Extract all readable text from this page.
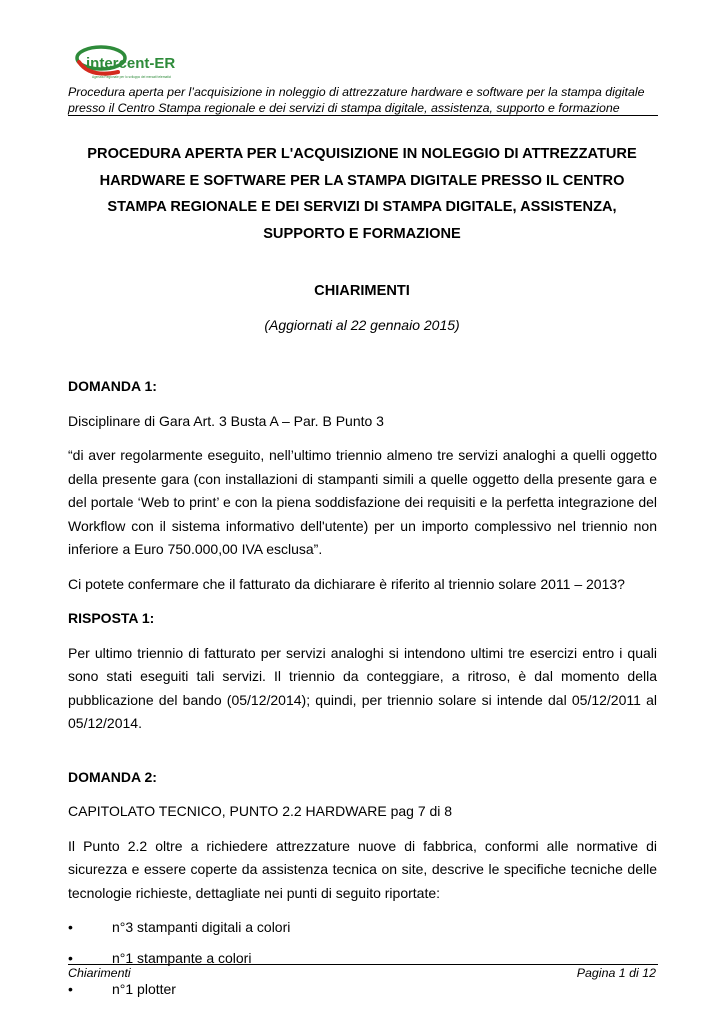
intercent-ER
Agenzia Regionale per lo sviluppo dei mercati telematici
Procedura aperta per l’acquisizione in noleggio di attrezzature hardware e software per la stampa digitale
presso il Centro Stampa regionale e dei servizi di stampa digitale, assistenza, supporto e formazione
PROCEDURA APERTA PER L'ACQUISIZIONE IN NOLEGGIO DI ATTREZZATURE
HARDWARE E SOFTWARE PER LA STAMPA DIGITALE PRESSO IL CENTRO
STAMPA REGIONALE E DEI SERVIZI DI STAMPA DIGITALE, ASSISTENZA,
SUPPORTO E FORMAZIONE
CHIARIMENTI
(Aggiornati al 22 gennaio 2015)

DOMANDA 1:

Disciplinare di Gara Art. 3 Busta A – Par. B Punto 3

“di aver regolarmente eseguito, nell’ultimo triennio almeno tre servizi analoghi a quelli oggetto della presente gara (con installazioni di stampanti simili a quelle oggetto della presente gara e del portale ‘Web to print’ e con la piena soddisfazione dei requisiti e la perfetta integrazione del Workflow con il sistema informativo dell'utente) per un importo complessivo nel triennio non inferiore a Euro 750.000,00 IVA esclusa”.

Ci potete confermare che il fatturato da dichiarare è riferito al triennio solare 2011 – 2013?

RISPOSTA 1:

Per ultimo triennio di fatturato per servizi analoghi si intendono ultimi tre esercizi entro i quali sono stati eseguiti tali servizi. Il triennio da conteggiare, a ritroso, è dal momento della pubblicazione del bando (05/12/2014); quindi, per triennio solare si intende dal 05/12/2011 al 05/12/2014.

DOMANDA 2:

CAPITOLATO TECNICO, PUNTO 2.2 HARDWARE pag 7 di 8

Il Punto 2.2 oltre a richiedere attrezzature nuove di fabbrica, conformi alle normative di sicurezza e essere coperte da assistenza tecnica on site, descrive le specifiche tecniche delle tecnologie richieste, dettagliate nei punti di seguito riportate:

•	n°3 stampanti digitali a colori
•	n°1 stampante a colori
•	n°1 plotter
Chiarimenti	Pagina 1 di 12
